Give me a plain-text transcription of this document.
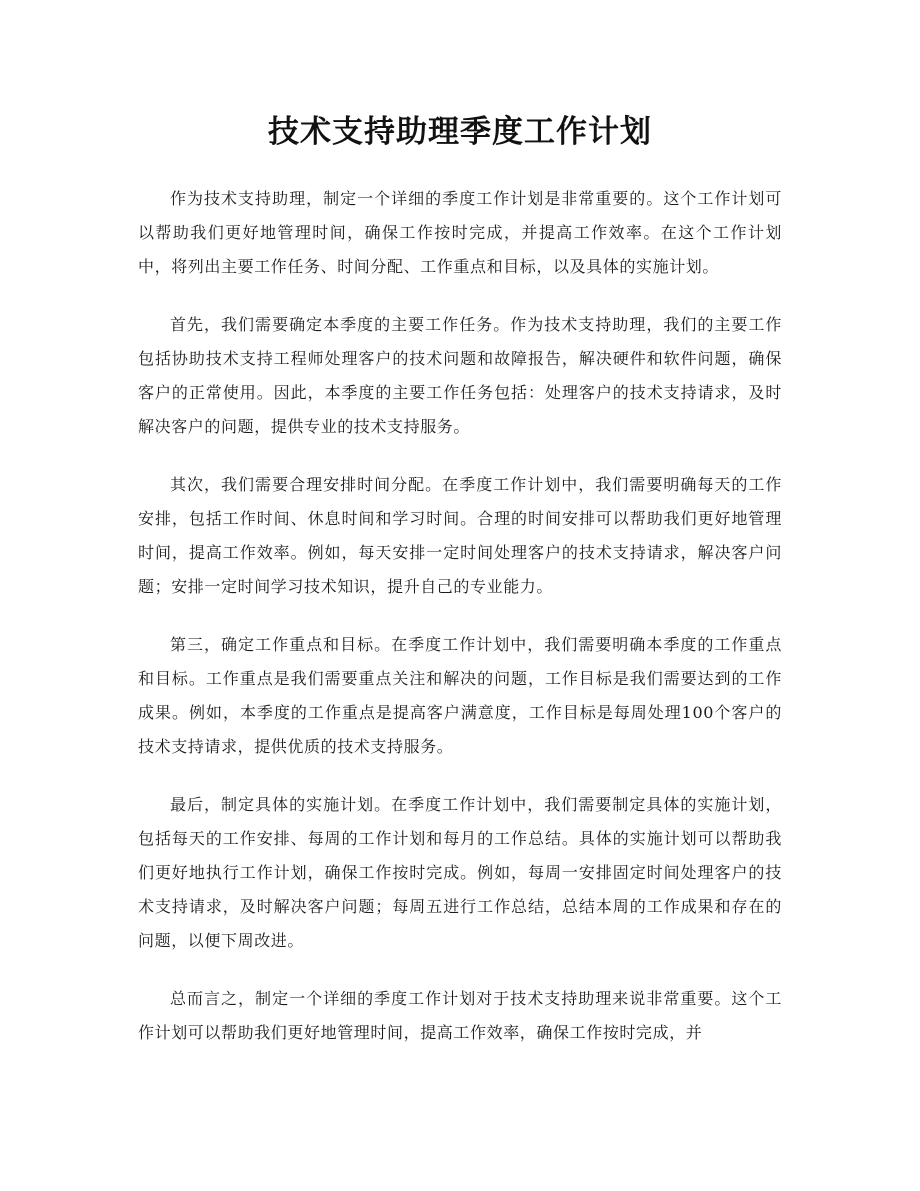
技术支持助理季度工作计划

作为技术支持助理，制定一个详细的季度工作计划是非常重要的。这个工作计划可以帮助我们更好地管理时间，确保工作按时完成，并提高工作效率。在这个工作计划中，将列出主要工作任务、时间分配、工作重点和目标，以及具体的实施计划。

首先，我们需要确定本季度的主要工作任务。作为技术支持助理，我们的主要工作包括协助技术支持工程师处理客户的技术问题和故障报告，解决硬件和软件问题，确保客户的正常使用。因此，本季度的主要工作任务包括：处理客户的技术支持请求，及时解决客户的问题，提供专业的技术支持服务。

其次，我们需要合理安排时间分配。在季度工作计划中，我们需要明确每天的工作安排，包括工作时间、休息时间和学习时间。合理的时间安排可以帮助我们更好地管理时间，提高工作效率。例如，每天安排一定时间处理客户的技术支持请求，解决客户问题；安排一定时间学习技术知识，提升自己的专业能力。

第三，确定工作重点和目标。在季度工作计划中，我们需要明确本季度的工作重点和目标。工作重点是我们需要重点关注和解决的问题，工作目标是我们需要达到的工作成果。例如，本季度的工作重点是提高客户满意度，工作目标是每周处理100个客户的技术支持请求，提供优质的技术支持服务。

最后，制定具体的实施计划。在季度工作计划中，我们需要制定具体的实施计划，包括每天的工作安排、每周的工作计划和每月的工作总结。具体的实施计划可以帮助我们更好地执行工作计划，确保工作按时完成。例如，每周一安排固定时间处理客户的技术支持请求，及时解决客户问题；每周五进行工作总结，总结本周的工作成果和存在的问题，以便下周改进。

总而言之，制定一个详细的季度工作计划对于技术支持助理来说非常重要。这个工作计划可以帮助我们更好地管理时间，提高工作效率，确保工作按时完成，并
